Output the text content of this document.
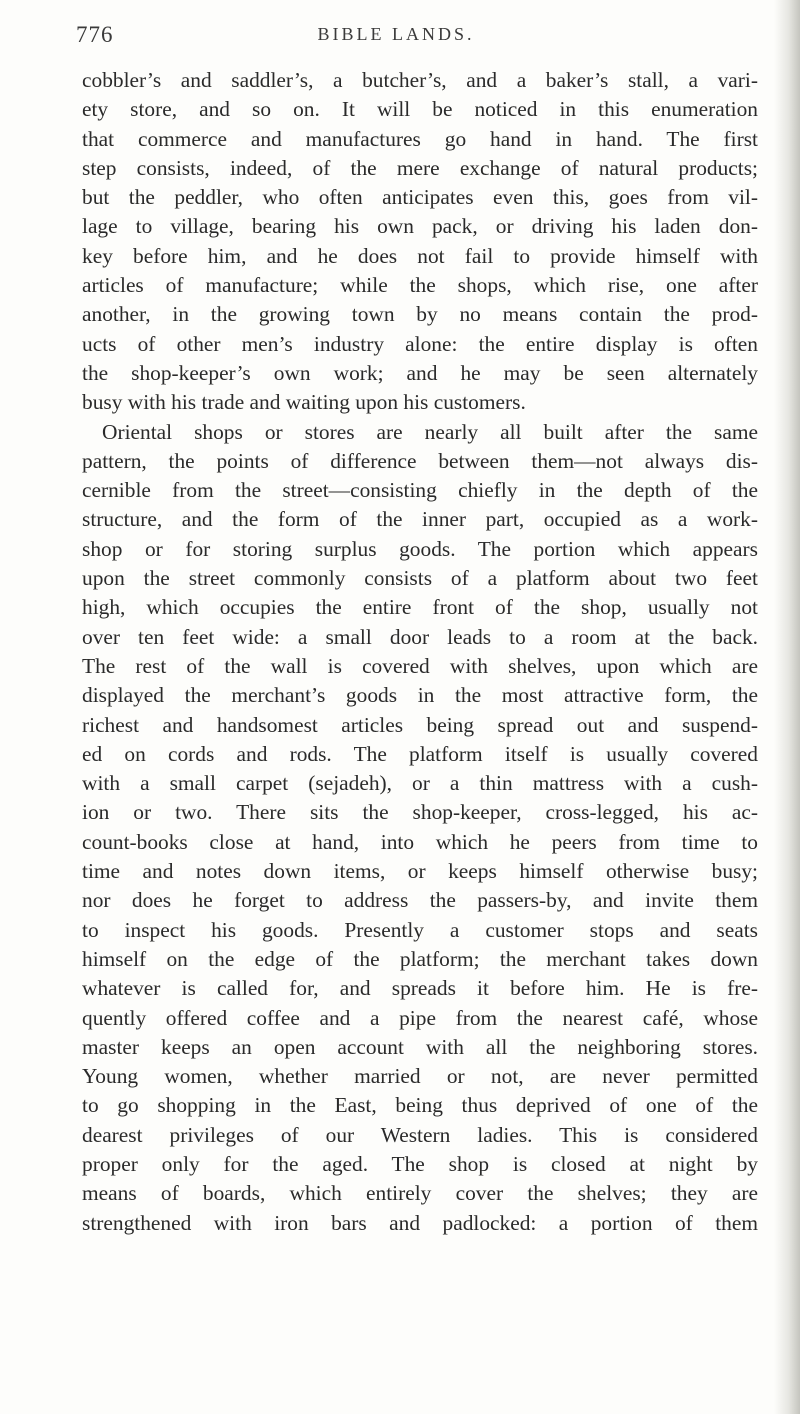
776	BIBLE LANDS.
cobbler’s and saddler’s, a butcher’s, and a baker’s stall, a vari-
ety store, and so on. It will be noticed in this enumeration
that commerce and manufactures go hand in hand. The first
step consists, indeed, of the mere exchange of natural products;
but the peddler, who often anticipates even this, goes from vil-
lage to village, bearing his own pack, or driving his laden don-
key before him, and he does not fail to provide himself with
articles of manufacture; while the shops, which rise, one after
another, in the growing town by no means contain the prod-
ucts of other men’s industry alone: the entire display is often
the shop-keeper’s own work; and he may be seen alternately
busy with his trade and waiting upon his customers.
Oriental shops or stores are nearly all built after the same
pattern, the points of difference between them—not always dis-
cernible from the street—consisting chiefly in the depth of the
structure, and the form of the inner part, occupied as a work-
shop or for storing surplus goods. The portion which appears
upon the street commonly consists of a platform about two feet
high, which occupies the entire front of the shop, usually not
over ten feet wide: a small door leads to a room at the back.
The rest of the wall is covered with shelves, upon which are
displayed the merchant’s goods in the most attractive form, the
richest and handsomest articles being spread out and suspend-
ed on cords and rods. The platform itself is usually covered
with a small carpet (sejadeh), or a thin mattress with a cush-
ion or two. There sits the shop-keeper, cross-legged, his ac-
count-books close at hand, into which he peers from time to
time and notes down items, or keeps himself otherwise busy;
nor does he forget to address the passers-by, and invite them
to inspect his goods. Presently a customer stops and seats
himself on the edge of the platform; the merchant takes down
whatever is called for, and spreads it before him. He is fre-
quently offered coffee and a pipe from the nearest café, whose
master keeps an open account with all the neighboring stores.
Young women, whether married or not, are never permitted
to go shopping in the East, being thus deprived of one of the
dearest privileges of our Western ladies. This is considered
proper only for the aged. The shop is closed at night by
means of boards, which entirely cover the shelves; they are
strengthened with iron bars and padlocked: a portion of them
